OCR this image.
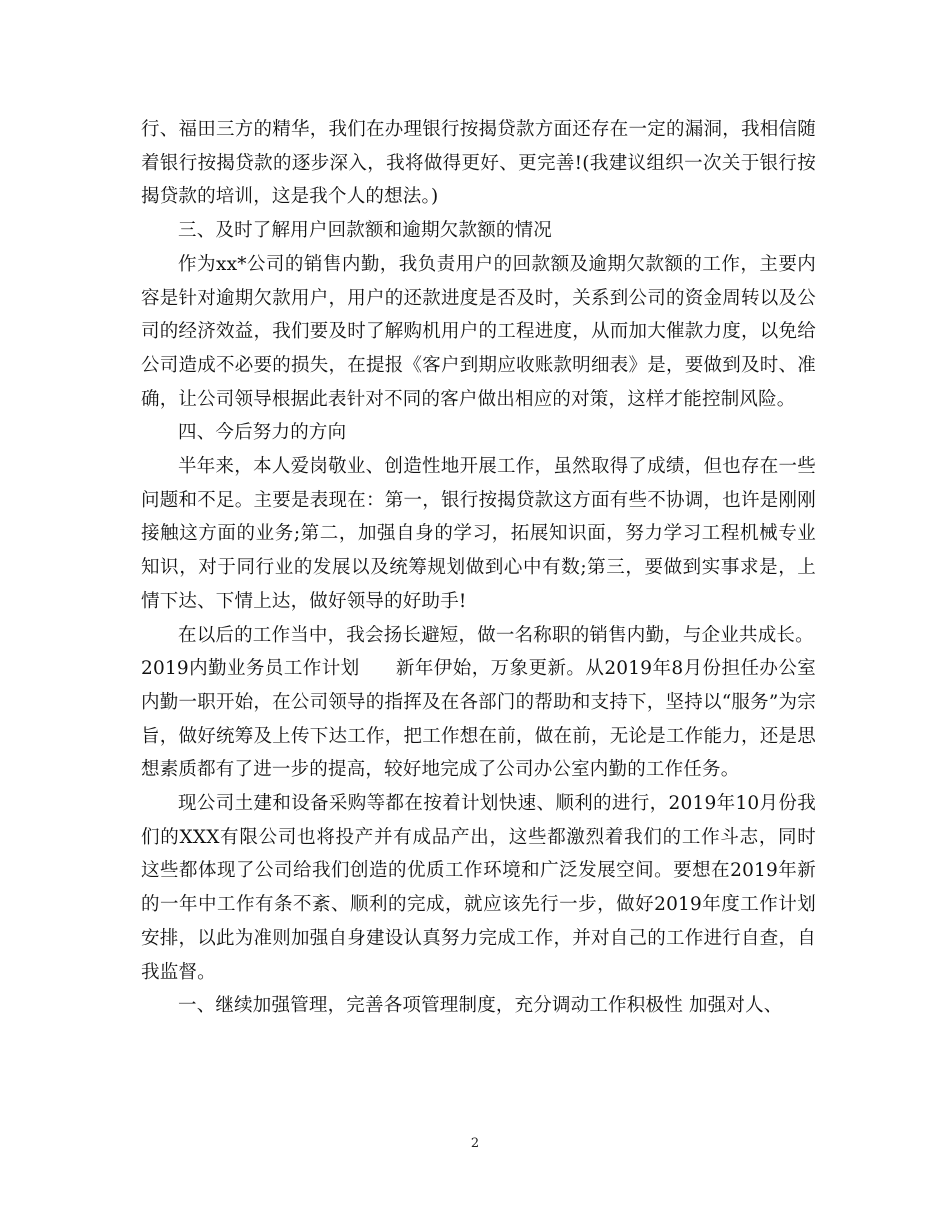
行、福田三方的精华，我们在办理银行按揭贷款方面还存在一定的漏洞，我相信随着银行按揭贷款的逐步深入，我将做得更好、更完善!(我建议组织一次关于银行按揭贷款的培训，这是我个人的想法。)

三、及时了解用户回款额和逾期欠款额的情况

作为xx*公司的销售内勤，我负责用户的回款额及逾期欠款额的工作，主要内容是针对逾期欠款用户，用户的还款进度是否及时，关系到公司的资金周转以及公司的经济效益，我们要及时了解购机用户的工程进度，从而加大催款力度，以免给公司造成不必要的损失，在提报《客户到期应收账款明细表》是，要做到及时、准确，让公司领导根据此表针对不同的客户做出相应的对策，这样才能控制风险。

四、今后努力的方向

半年来，本人爱岗敬业、创造性地开展工作，虽然取得了成绩，但也存在一些问题和不足。主要是表现在：第一，银行按揭贷款这方面有些不协调，也许是刚刚接触这方面的业务;第二，加强自身的学习，拓展知识面，努力学习工程机械专业知识，对于同行业的发展以及统筹规划做到心中有数;第三，要做到实事求是，上情下达、下情上达，做好领导的好助手!

在以后的工作当中，我会扬长避短，做一名称职的销售内勤，与企业共成长。

2019内勤业务员工作计划 新年伊始，万象更新。从2019年8月份担任办公室内勤一职开始，在公司领导的指挥及在各部门的帮助和支持下，坚持以“服务”为宗旨，做好统筹及上传下达工作，把工作想在前，做在前，无论是工作能力，还是思想素质都有了进一步的提高，较好地完成了公司办公室内勤的工作任务。

现公司土建和设备采购等都在按着计划快速、顺利的进行，2019年10月份我们的XXX有限公司也将投产并有成品产出，这些都激烈着我们的工作斗志，同时这些都体现了公司给我们创造的优质工作环境和广泛发展空间。要想在2019年新的一年中工作有条不紊、顺利的完成，就应该先行一步，做好2019年度工作计划安排，以此为准则加强自身建设认真努力完成工作，并对自己的工作进行自查，自我监督。

一、继续加强管理，完善各项管理制度，充分调动工作积极性 加强对人、

2
